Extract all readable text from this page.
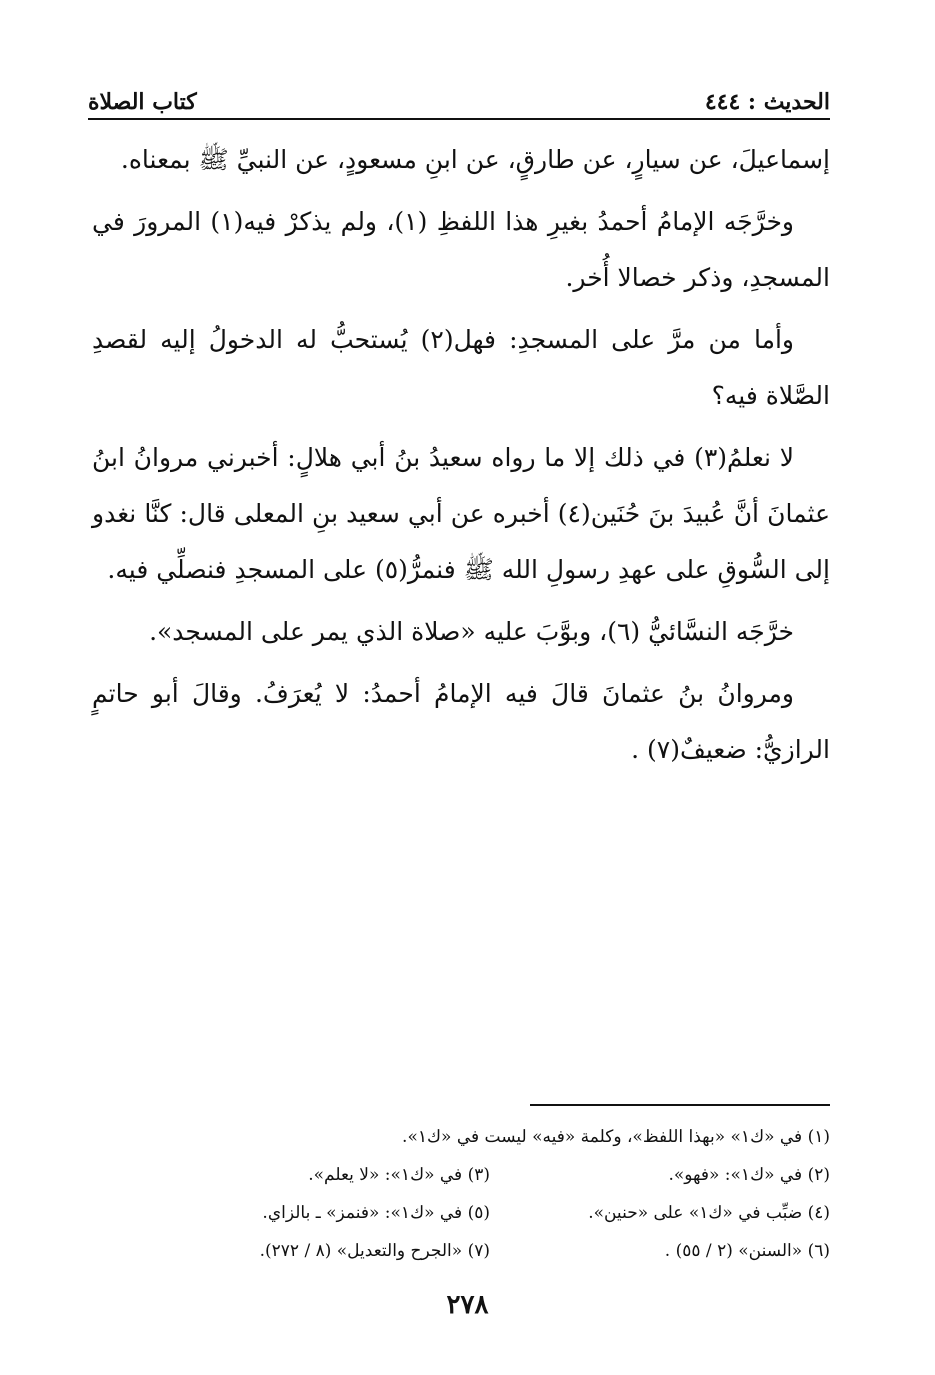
الحديث : ٤٤٤
كتاب الصلاة

إسماعيلَ، عن سيارٍ، عن طارقٍ، عن ابنِ مسعودٍ، عن النبيِّ ﷺ بمعناه.

وخرَّجَه الإمامُ أحمدُ بغيرِ هذا اللفظِ (١)، ولم يذكرْ فيه(١) المرورَ في المسجدِ، وذكر خصالا أُخر.

وأما من مرَّ على المسجدِ: فهل(٢) يُستحبُّ له الدخولُ إليه لقصدِ الصَّلاة فيه؟

لا نعلمُ(٣) في ذلك إلا ما رواه سعيدُ بنُ أبي هلالٍ: أخبرني مروانُ ابنُ عثمانَ أنَّ عُبيدَ بنَ حُنَين(٤) أخبره عن أبي سعيد بنِ المعلى قال: كنَّا نغدو إلى السُّوقِ على عهدِ رسولِ الله ﷺ فنمرُّ(٥) على المسجدِ فنصلِّي فيه.

خرَّجَه النسَّائيُّ (٦)، وبوَّبَ عليه «صلاة الذي يمر على المسجد».

ومروانُ بنُ عثمانَ قالَ فيه الإمامُ أحمدُ: لا يُعرَفُ. وقالَ أبو حاتمٍ الرازيُّ: ضعيفٌ(٧) .

(١) في «ك١» «بهذا اللفظ»، وكلمة «فيه» ليست في «ك١».
(٢) في «ك١»: «فهو».
(٣) في «ك١»: «لا يعلم».
(٤) ضبِّب في «ك١» على «حنين».
(٥) في «ك١»: «فنمز» ـ بالزاي.
(٦) «السنن» (٢ / ٥٥) .
(٧) «الجرح والتعديل» (٨ / ٢٧٢).
٢٧٨
